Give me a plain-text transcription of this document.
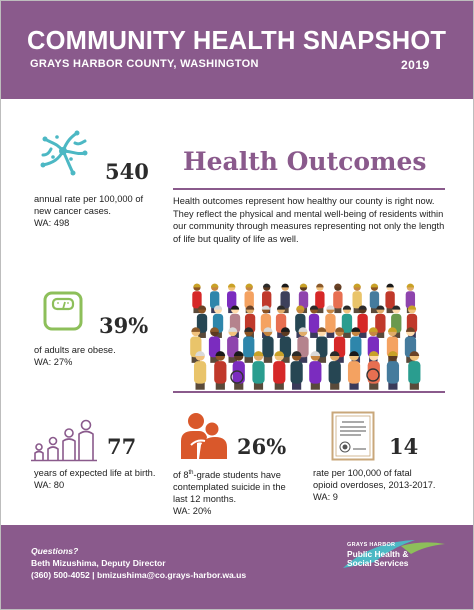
COMMUNITY HEALTH SNAPSHOT
GRAYS HARBOR COUNTY, WASHINGTON	2019
540
annual rate per 100,000 of
new cancer cases.
WA: 498
Health Outcomes
Health outcomes represent how healthy our county is right now. They reflect the physical and mental well-being of residents within our community through measures representing not only the length of life but quality of life as well.
39%
of adults are obese.
WA: 27%
77
years of expected life at birth.
WA: 80
26%
of 8th-grade students have
contemplated suicide in the
last 12 months.
WA: 20%
14
rate per 100,000 of fatal
opioid overdoses, 2013-2017.
WA: 9
Questions?
Beth Mizushima, Deputy Director
(360) 500-4052 | bmizushima@co.grays-harbor.wa.us
GRAYS HARBOR
Public Health &
Social Services
